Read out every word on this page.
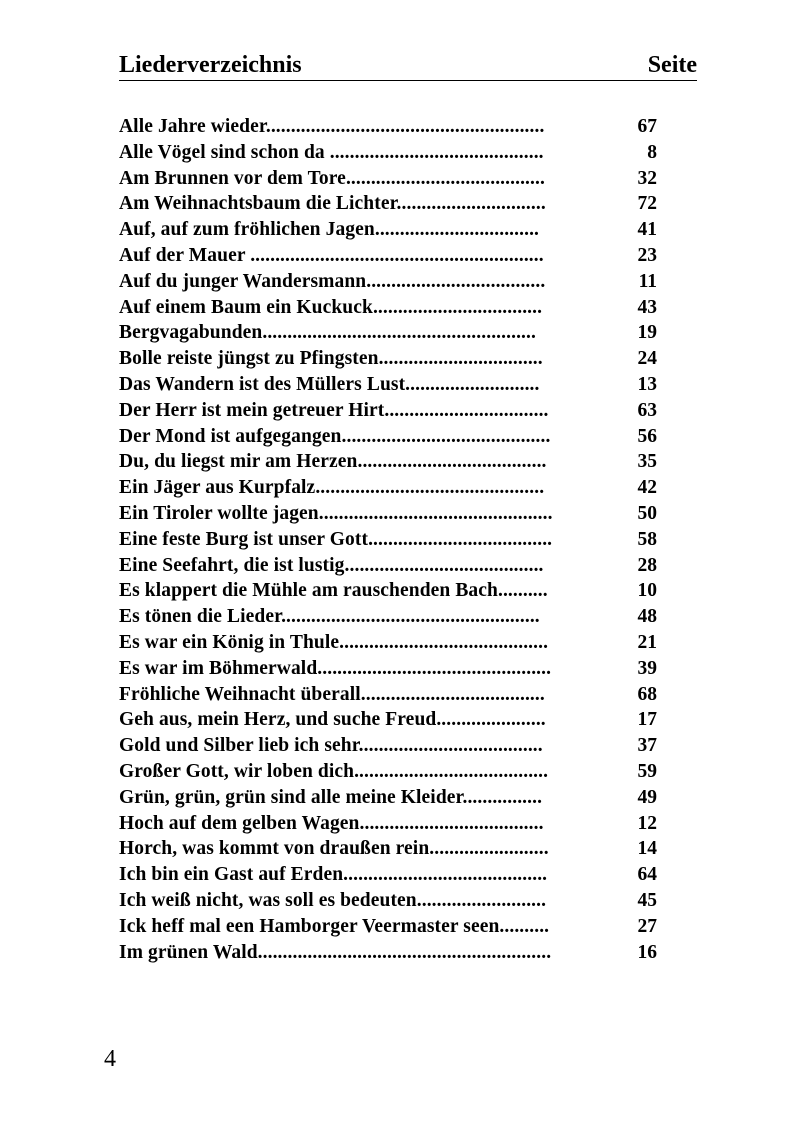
Liederverzeichnis	Seite
Alle Jahre wieder........................................................	67
Alle Vögel sind schon da ...........................................	8
Am Brunnen vor dem Tore........................................	32
Am Weihnachtsbaum die Lichter..............................	72
Auf, auf zum fröhlichen Jagen.................................	41
Auf der Mauer ...........................................................	23
Auf du junger Wandersmann....................................	11
Auf einem Baum ein Kuckuck..................................	43
Bergvagabunden.......................................................	19
Bolle reiste jüngst zu Pfingsten.................................	24
Das Wandern ist des Müllers Lust...........................	13
Der Herr ist mein getreuer Hirt.................................	63
Der Mond ist aufgegangen..........................................	56
Du, du liegst mir am Herzen......................................	35
Ein Jäger aus Kurpfalz..............................................	42
Ein Tiroler wollte jagen...............................................	50
Eine feste Burg ist unser Gott.....................................	58
Eine Seefahrt, die ist lustig........................................	28
Es klappert die Mühle am rauschenden Bach..........	10
Es tönen die Lieder....................................................	48
Es war ein König in Thule..........................................	21
Es war im Böhmerwald...............................................	39
Fröhliche Weihnacht überall.....................................	68
Geh aus, mein Herz, und suche Freud......................	17
Gold und Silber lieb ich sehr.....................................	37
Großer Gott, wir loben dich.......................................	59
Grün, grün, grün sind alle meine Kleider................	49
Hoch auf dem gelben Wagen.....................................	12
Horch, was kommt von draußen rein........................	14
Ich bin ein Gast auf Erden.........................................	64
Ich weiß nicht, was soll es bedeuten..........................	45
Ick heff mal een Hamborger Veermaster seen..........	27
Im grünen Wald...........................................................	16
4
